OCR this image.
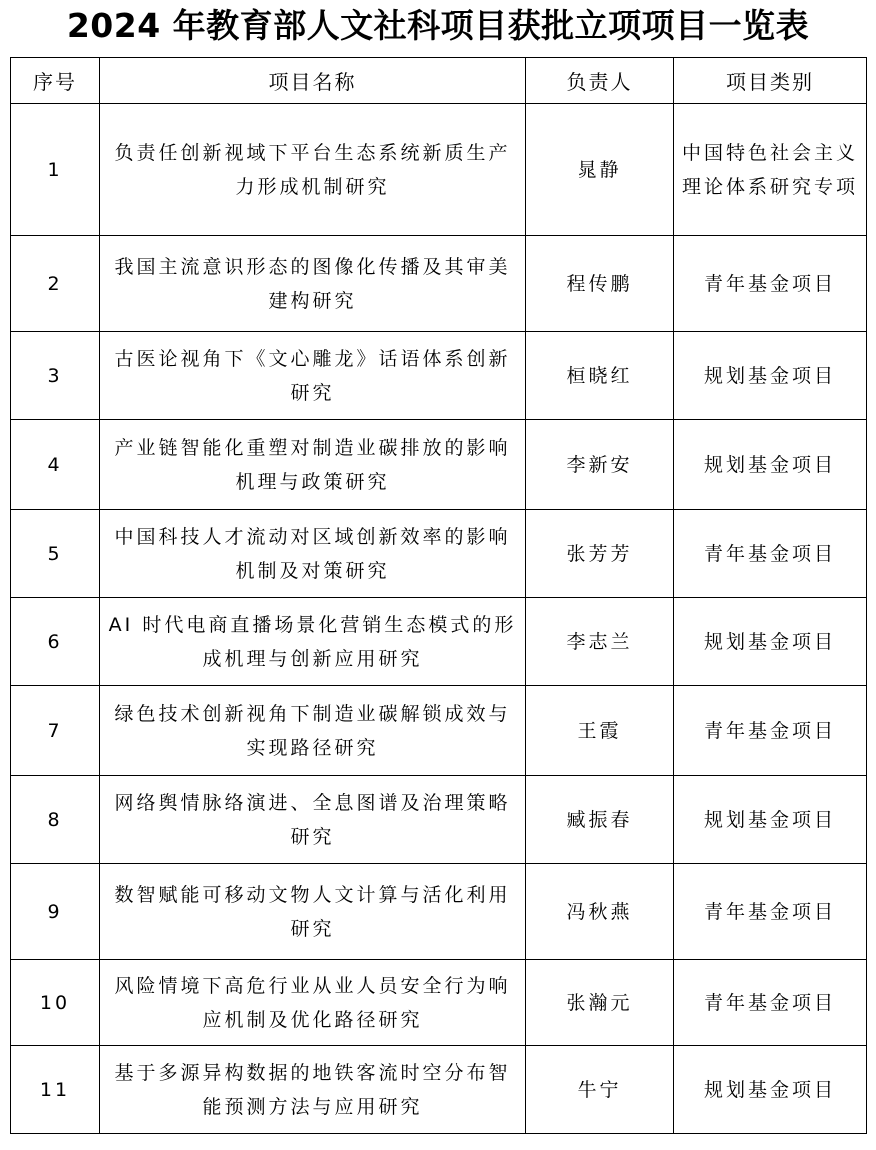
2024 年教育部人文社科项目获批立项项目一览表
序号	项目名称	负责人	项目类别
1	负责任创新视域下平台生态系统新质生产力形成机制研究	晁静	中国特色社会主义理论体系研究专项
2	我国主流意识形态的图像化传播及其审美建构研究	程传鹏	青年基金项目
3	古医论视角下《文心雕龙》话语体系创新研究	桓晓红	规划基金项目
4	产业链智能化重塑对制造业碳排放的影响机理与政策研究	李新安	规划基金项目
5	中国科技人才流动对区域创新效率的影响机制及对策研究	张芳芳	青年基金项目
6	AI 时代电商直播场景化营销生态模式的形成机理与创新应用研究	李志兰	规划基金项目
7	绿色技术创新视角下制造业碳解锁成效与实现路径研究	王霞	青年基金项目
8	网络舆情脉络演进、全息图谱及治理策略研究	臧振春	规划基金项目
9	数智赋能可移动文物人文计算与活化利用研究	冯秋燕	青年基金项目
10	风险情境下高危行业从业人员安全行为响应机制及优化路径研究	张瀚元	青年基金项目
11	基于多源异构数据的地铁客流时空分布智能预测方法与应用研究	牛宁	规划基金项目
